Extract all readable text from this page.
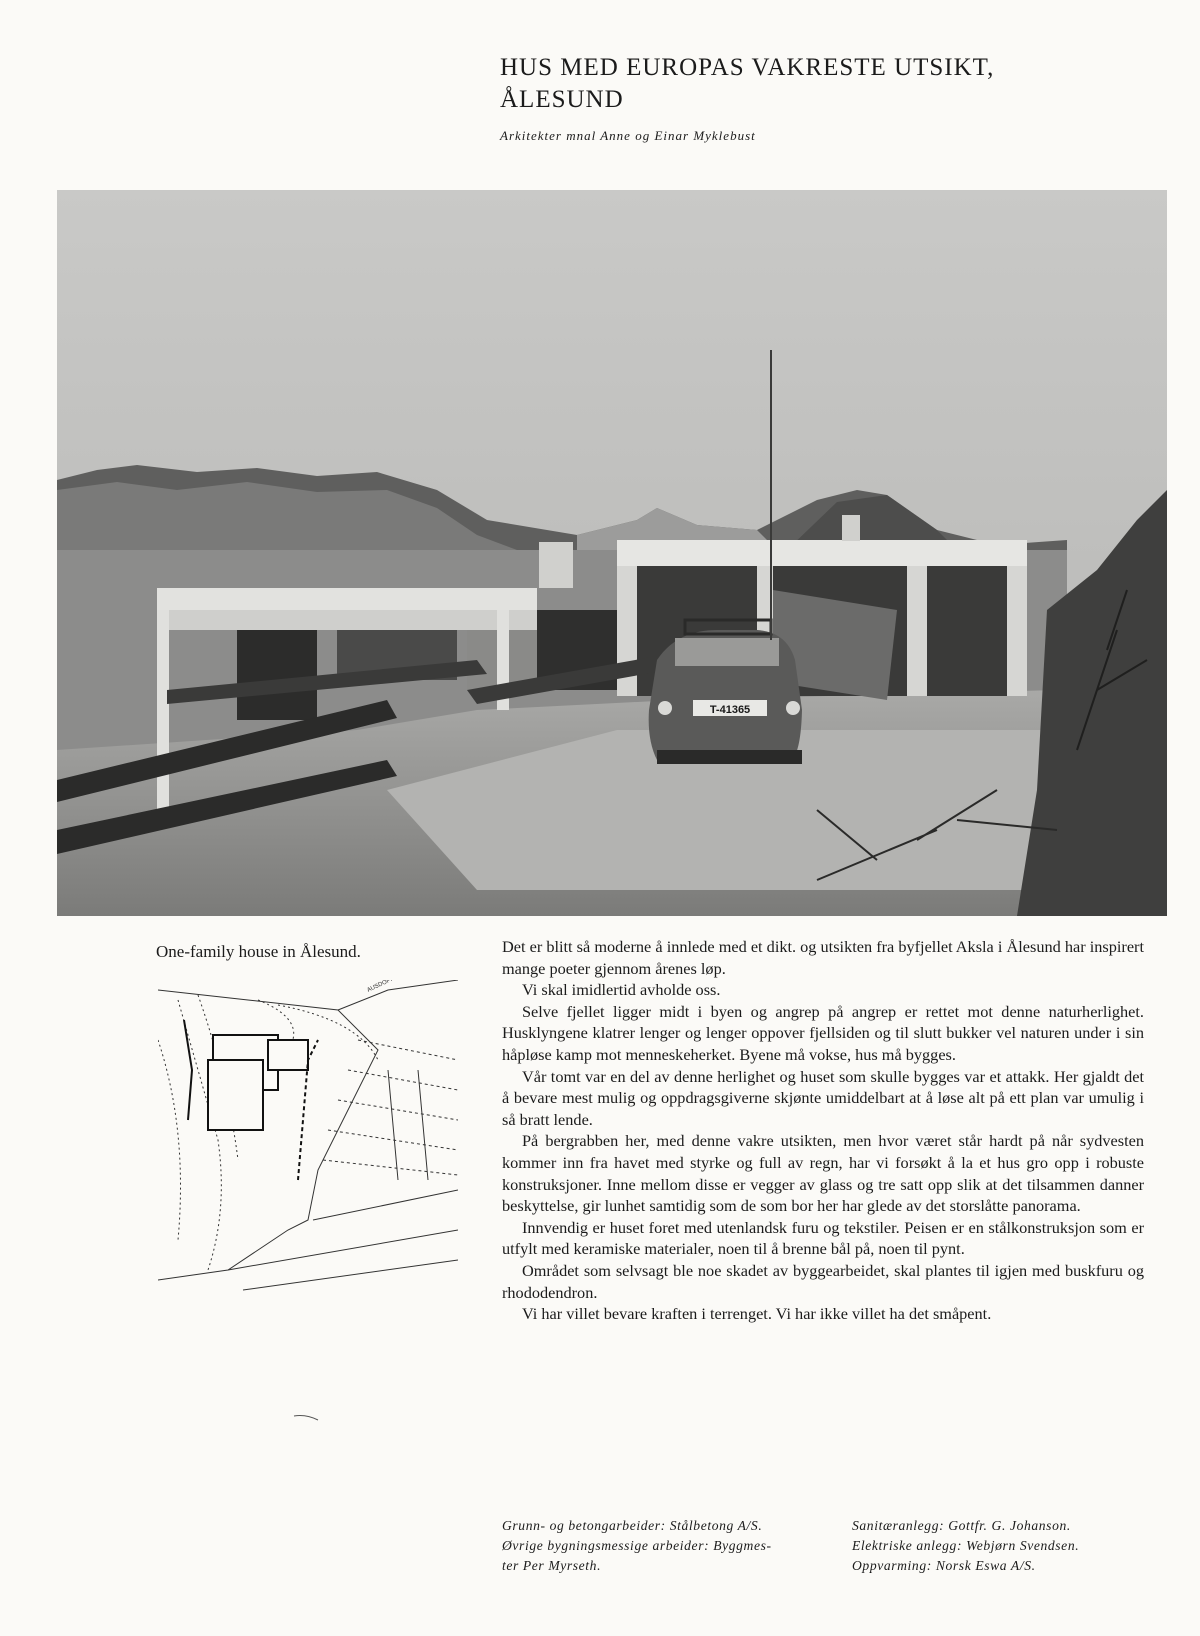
HUS MED EUROPAS VAKRESTE UTSIKT,
ÅLESUND
Arkitekter mnal Anne og Einar Myklebust
T-41365
One-family house in Ålesund.	Det er blitt så moderne å innlede med et dikt. og utsikten fra byfjellet Aksla i Ålesund har inspirert mange poeter gjennom årenes løp.

Vi skal imidlertid avholde oss.

Selve fjellet ligger midt i byen og angrep på angrep er rettet mot denne naturherlighet. Husklyngene klatrer lenger og lenger oppover fjellsiden og til slutt bukker vel naturen under i sin håpløse kamp mot menneskeherket. Byene må vokse, hus må bygges.

Vår tomt var en del av denne herlighet og huset som skulle bygges var et attakk. Her gjaldt det å bevare mest mulig og oppdragsgiverne skjønte umiddelbart at å løse alt på ett plan var umulig i så bratt lende.

På bergrabben her, med denne vakre utsikten, men hvor været står hardt på når sydvesten kommer inn fra havet med styrke og full av regn, har vi forsøkt å la et hus gro opp i robuste konstruksjoner. Inne mellom disse er vegger av glass og tre satt opp slik at det tilsammen danner beskyttelse, gir lunhet samtidig som de som bor her har glede av det storslåtte panorama.

Innvendig er huset foret med utenlandsk furu og tekstiler. Peisen er en stålkonstruksjon som er utfylt med keramiske materialer, noen til å brenne bål på, noen til pynt.

Området som selvsagt ble noe skadet av byggearbeidet, skal plantes til igjen med buskfuru og rhododendron.

Vi har villet bevare kraften i terrenget. Vi har ikke villet ha det småpent.

Grunn- og betongarbeider: Stålbetong A/S.
Øvrige bygningsmessige arbeider: Byggmes-
ter Per Myrseth.
Sanitæranlegg: Gottfr. G. Johanson.
Elektriske anlegg: Webjørn Svendsen.
Oppvarming: Norsk Eswa A/S.
